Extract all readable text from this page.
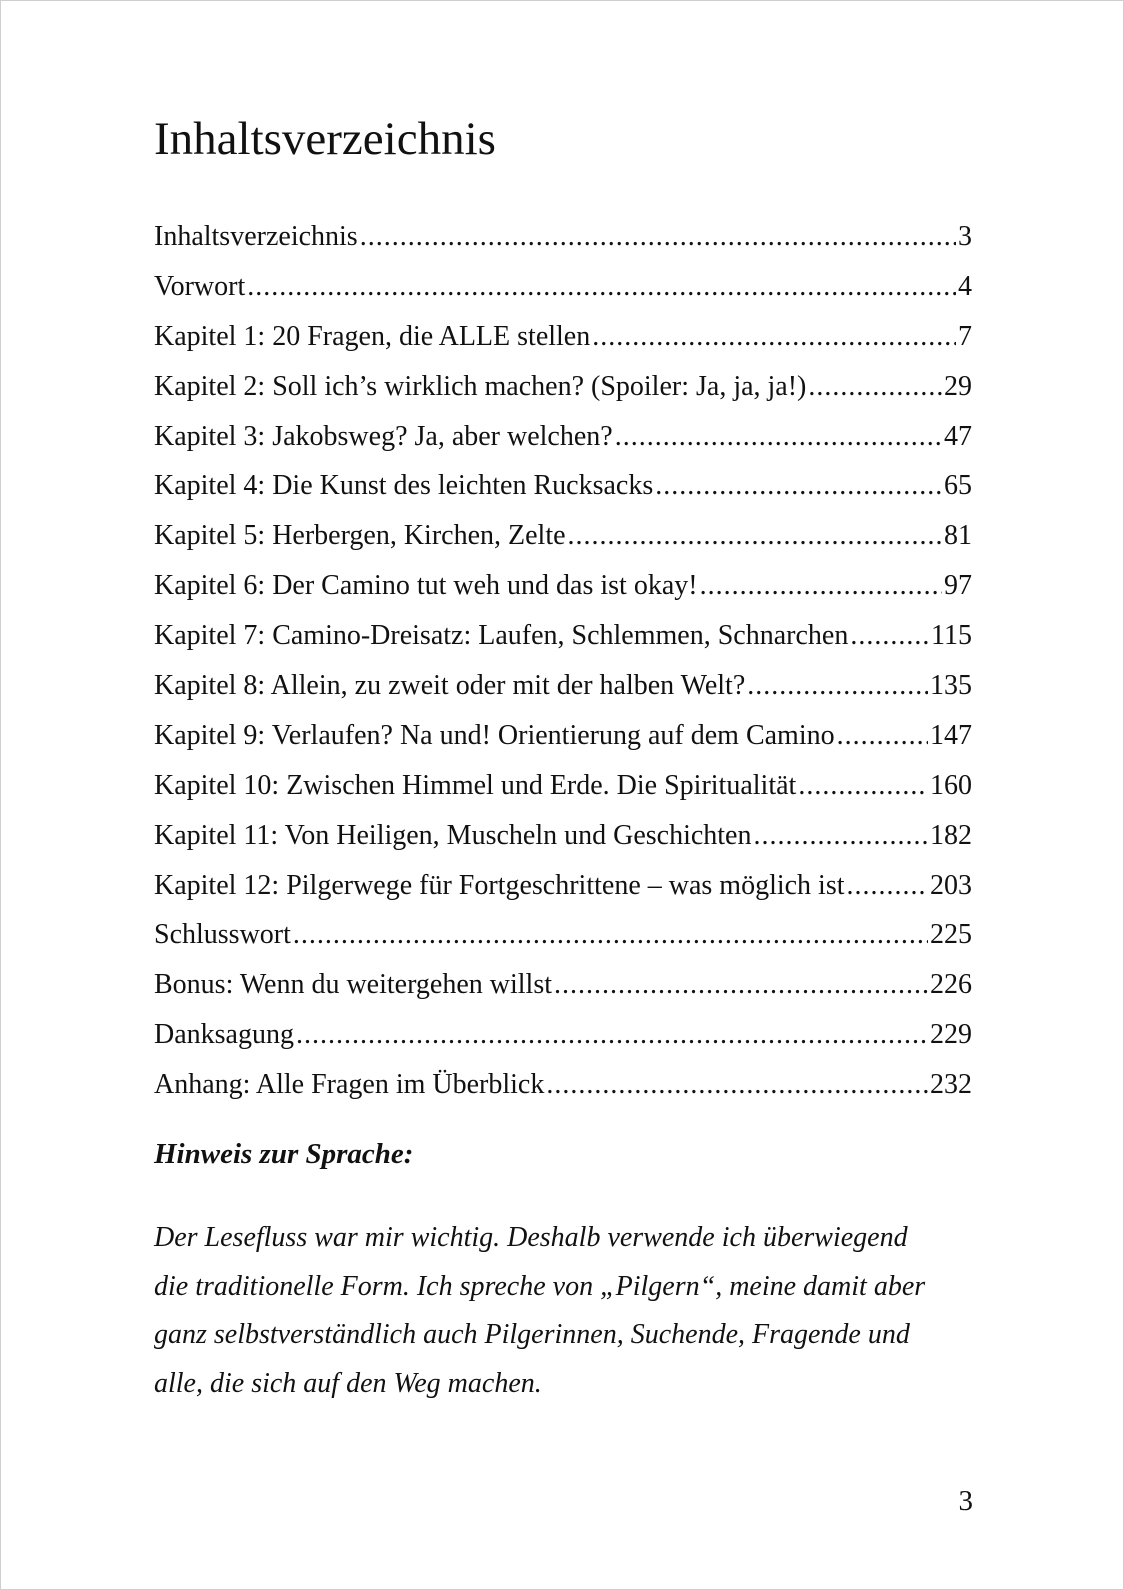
Inhaltsverzeichnis
Inhaltsverzeichnis .....	3
Vorwort .....	4
Kapitel 1: 20 Fragen, die ALLE stellen .....	7
Kapitel 2: Soll ich’s wirklich machen? (Spoiler: Ja, ja, ja!) .....	29
Kapitel 3: Jakobsweg? Ja, aber welchen? .....	47
Kapitel 4: Die Kunst des leichten Rucksacks .....	65
Kapitel 5: Herbergen, Kirchen, Zelte .....	81
Kapitel 6: Der Camino tut weh und das ist okay! .....	97
Kapitel 7: Camino-Dreisatz: Laufen, Schlemmen, Schnarchen .....	115
Kapitel 8: Allein, zu zweit oder mit der halben Welt? .....	135
Kapitel 9: Verlaufen? Na und! Orientierung auf dem Camino .....	147
Kapitel 10: Zwischen Himmel und Erde. Die Spiritualität .....	160
Kapitel 11: Von Heiligen, Muscheln und Geschichten .....	182
Kapitel 12: Pilgerwege für Fortgeschrittene – was möglich ist .....	203
Schlusswort .....	225
Bonus: Wenn du weitergehen willst .....	226
Danksagung .....	229
Anhang: Alle Fragen im Überblick .....	232
Hinweis zur Sprache:

Der Lesefluss war mir wichtig. Deshalb verwende ich überwiegend
die traditionelle Form. Ich spreche von „Pilgern“, meine damit aber
ganz selbstverständlich auch Pilgerinnen, Suchende, Fragende und
alle, die sich auf den Weg machen.

3
